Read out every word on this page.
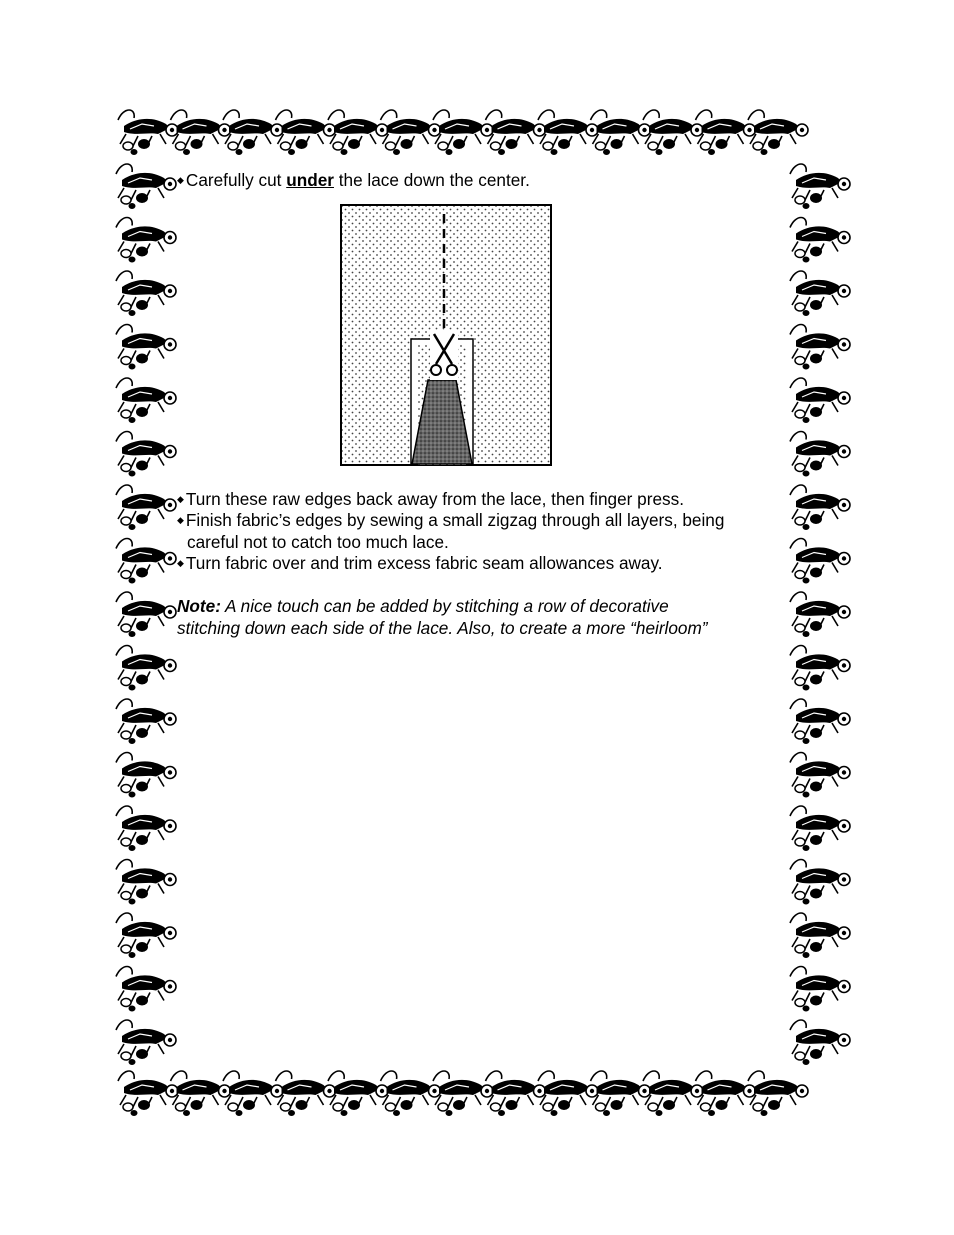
◆ Carefully cut under the lace down the center.
◆ Turn these raw edges back away from the lace, then finger press.
◆ Finish fabric’s edges by sewing a small zigzag through all layers, being
careful not to catch too much lace.
◆ Turn fabric over and trim excess fabric seam allowances away.
Note: A nice touch can be added by stitching a row of decorative
stitching down each side of the lace. Also, to create a more “heirloom”
